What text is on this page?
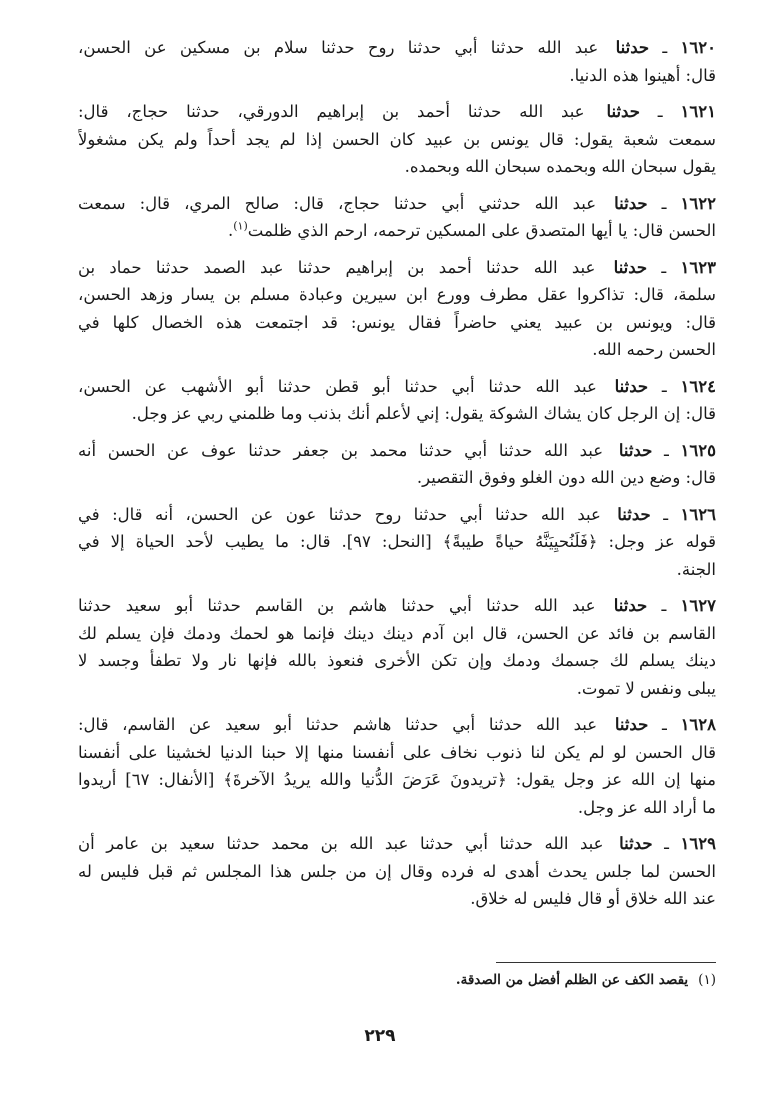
١٦٢٠ ـ حدثنا عبد الله حدثنا أبي حدثنا روح حدثنا سلام بن مسكين عن الحسن،
قال: أهينوا هذه الدنيا.
١٦٢١ ـ حدثنا عبد الله حدثنا أحمد بن إبراهيم الدورقي، حدثنا حجاج، قال:
سمعت شعبة يقول: قال يونس بن عبيد كان الحسن إذا لم يجد أحداً ولم يكن مشغولاً
يقول سبحان الله وبحمده سبحان الله وبحمده.
١٦٢٢ ـ حدثنا عبد الله حدثني أبي حدثنا حجاج، قال: صالح المري، قال: سمعت
الحسن قال: يا أيها المتصدق على المسكين ترحمه، ارحم الذي ظلمت$^{(١)}$.
١٦٢٣ ـ حدثنا عبد الله حدثنا أحمد بن إبراهيم حدثنا عبد الصمد حدثنا حماد بن
سلمة، قال: تذاكروا عقل مطرف وورع ابن سيرين وعبادة مسلم بن يسار وزهد الحسن،
قال: ويونس بن عبيد يعني حاضراً فقال يونس: قد اجتمعت هذه الخصال كلها في
الحسن رحمه الله.
١٦٢٤ ـ حدثنا عبد الله حدثنا أبي حدثنا أبو قطن حدثنا أبو الأشهب عن الحسن،
قال: إن الرجل كان يشاك الشوكة يقول: إني لأعلم أنك بذنب وما ظلمني ربي عز وجل.
١٦٢٥ ـ حدثنا عبد الله حدثنا أبي حدثنا محمد بن جعفر حدثنا عوف عن الحسن أنه
قال: وضع دين الله دون الغلو وفوق التقصير.
١٦٢٦ ـ حدثنا عبد الله حدثنا أبي حدثنا روح حدثنا عون عن الحسن، أنه قال: في
قوله عز وجل: ﴿فَلَنُحيِيَنَّهُ حياةً طيبةً﴾ [النحل: ٩٧]. قال: ما يطيب لأحد الحياة إلا في
الجنة.
١٦٢٧ ـ حدثنا عبد الله حدثنا أبي حدثنا هاشم بن القاسم حدثنا أبو سعيد حدثنا
القاسم بن فائد عن الحسن، قال ابن آدم دينك دينك فإنما هو لحمك ودمك فإن يسلم لك
دينك يسلم لك جسمك ودمك وإن تكن الأخرى فنعوذ بالله فإنها نار ولا تطفأ وجسد لا
يبلى ونفس لا تموت.
١٦٢٨ ـ حدثنا عبد الله حدثنا أبي حدثنا هاشم حدثنا أبو سعيد عن القاسم، قال:
قال الحسن لو لم يكن لنا ذنوب نخاف على أنفسنا منها إلا حبنا الدنيا لخشينا على أنفسنا
منها إن الله عز وجل يقول: ﴿تريدونَ عَرَضَ الدُّنيا والله يريدُ الآخرةَ﴾ [الأنفال: ٦٧] أريدوا
ما أراد الله عز وجل.
١٦٢٩ ـ حدثنا عبد الله حدثنا أبي حدثنا عبد الله بن محمد حدثنا سعيد بن عامر أن
الحسن لما جلس يحدث أهدى له فرده وقال إن من جلس هذا المجلس ثم قبل فليس له
عند الله خلاق أو قال فليس له خلاق.
(١)يقصد الكف عن الظلم أفضل من الصدقة.
٢٢٩
